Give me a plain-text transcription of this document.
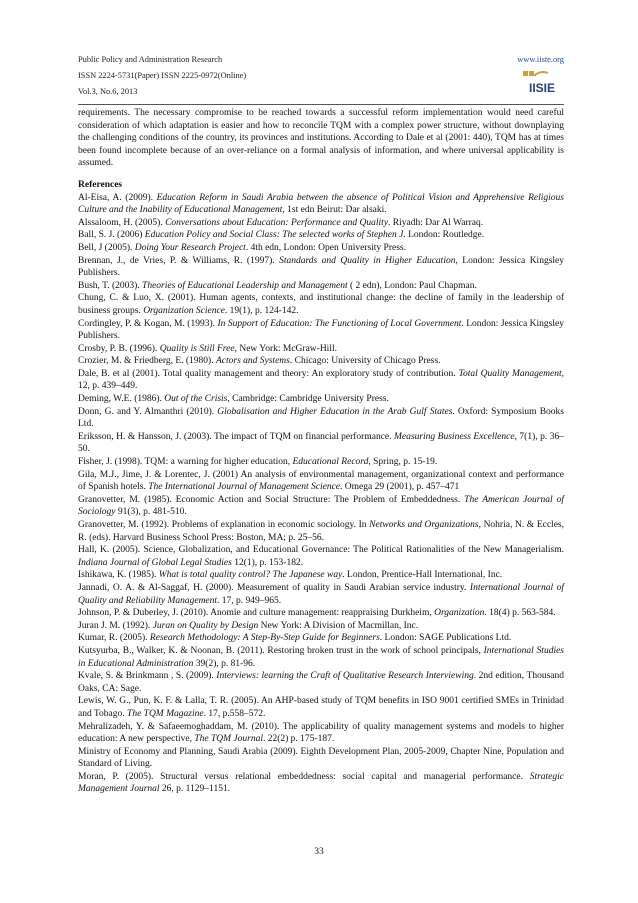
Public Policy and Administration Research
ISSN 2224-5731(Paper) ISSN 2225-0972(Online)
Vol.3, No.6, 2013
www.iiste.org
IISIE

requirements. The necessary compromise to be reached towards a successful reform implementation would need careful consideration of which adaptation is easier and how to reconcile TQM with a complex power structure, without downplaying the challenging conditions of the country, its provinces and institutions. According to Dale et al (2001: 440), TQM has at times been found incomplete because of an over-reliance on a formal analysis of information, and where universal applicability is assumed.

References

Al-Eisa, A. (2009). Education Reform in Saudi Arabia between the absence of Political Vision and Apprehensive Religious Culture and the Inability of Educational Management, 1st edn Beirut: Dar alsaki.

Alssaloom, H. (2005). Conversations about Education: Performance and Quality. Riyadh: Dar Al Warraq.

Ball, S. J. (2006) Education Policy and Social Class: The selected works of Stephen J. London: Routledge.

Bell, J (2005). Doing Your Research Project. 4th edn, London: Open University Press.

Brennan, J., de Vries, P. & Williams, R. (1997). Standards and Quality in Higher Education, London: Jessica Kingsley Publishers.

Bush, T. (2003). Theories of Educational Leadership and Management ( 2 edn), London: Paul Chapman.

Chung, C. & Luo, X. (2001). Human agents, contexts, and institutional change: the decline of family in the leadership of business groups. Organization Science. 19(1), p. 124-142.

Cordingley, P. & Kogan, M. (1993). In Support of Education: The Functioning of Local Government. London: Jessica Kingsley Publishers.

Crosby, P. B. (1996). Quality is Still Free, New York: McGraw-Hill.

Crozier, M. & Friedberg, E. (1980). Actors and Systems. Chicago: University of Chicago Press.

Dale, B. et al (2001). Total quality management and theory: An exploratory study of contribution. Total Quality Management, 12, p. 439–449.

Deming, W.E. (1986). Out of the Crisis, Cambridge: Cambridge University Press.

Donn, G. and Y. Almanthri (2010). Globalisation and Higher Education in the Arab Gulf States. Oxford: Symposium Books Ltd.

Eriksson, H. & Hansson, J. (2003). The impact of TQM on financial performance. Measuring Business Excellence, 7(1), p. 36–50.

Fisher, J. (1998). TQM: a warning for higher education, Educational Record, Spring, p. 15-19.

Gila, M.J., Jime, J. & Lorentec, J. (2001) An analysis of environmental management, organizational context and performance of Spanish hotels. The International Journal of Management Science. Omega 29 (2001), p. 457–471

Granovetter, M. (1985). Economic Action and Social Structure: The Problem of Embeddedness. The American Journal of Sociology 91(3), p. 481-510.

Granovetter, M. (1992). Problems of explanation in economic sociology. In Networks and Organizations, Nohria, N. & Eccles, R. (eds). Harvard Business School Press: Boston, MA; p. 25–56.

Hall, K. (2005). Science, Globalization, and Educational Governance: The Political Rationalities of the New Managerialism. Indiana Journal of Global Legal Studies 12(1), p. 153-182.

Ishikawa, K. (1985). What is total quality control? The Japanese way. London, Prentice-Hall International, Inc.

Jannadi, O. A. & Al-Saggaf, H. (2000). Measurement of quality in Saudi Arabian service industry. International Journal of Quality and Reliability Management. 17, p. 949–965.

Johnson, P. & Duberley, J. (2010). Anomie and culture management: reappraising Durkheim, Organization. 18(4) p. 563-584.

Juran J. M. (1992). Juran on Quality by Design New York: A Division of Macmillan, Inc.

Kumar, R. (2005). Research Methodology: A Step-By-Step Guide for Beginners. London: SAGE Publications Ltd.

Kutsyurba, B., Walker, K. & Noonan, B. (2011). Restoring broken trust in the work of school principals, International Studies in Educational Administration 39(2), p. 81-96.

Kvale, S. & Brinkmann , S. (2009). Interviews: learning the Craft of Qualitative Research Interviewing. 2nd edition, Thousand Oaks, CA: Sage.

Lewis, W. G., Pun, K. F. & Lalla, T. R. (2005). An AHP-based study of TQM benefits in ISO 9001 certified SMEs in Trinidad and Tobago. The TQM Magazine. 17, p.558–572.

Mehralizadeh, Y. & Safaeemoghaddam, M. (2010). The applicability of quality management systems and models to higher education: A new perspective, The TQM Journal. 22(2) p. 175-187.

Ministry of Economy and Planning, Saudi Arabia (2009). Eighth Development Plan, 2005-2009, Chapter Nine, Population and Standard of Living.

Moran, P. (2005). Structural versus relational embeddedness: social capital and managerial performance. Strategic Management Journal 26, p. 1129–1151.

33
